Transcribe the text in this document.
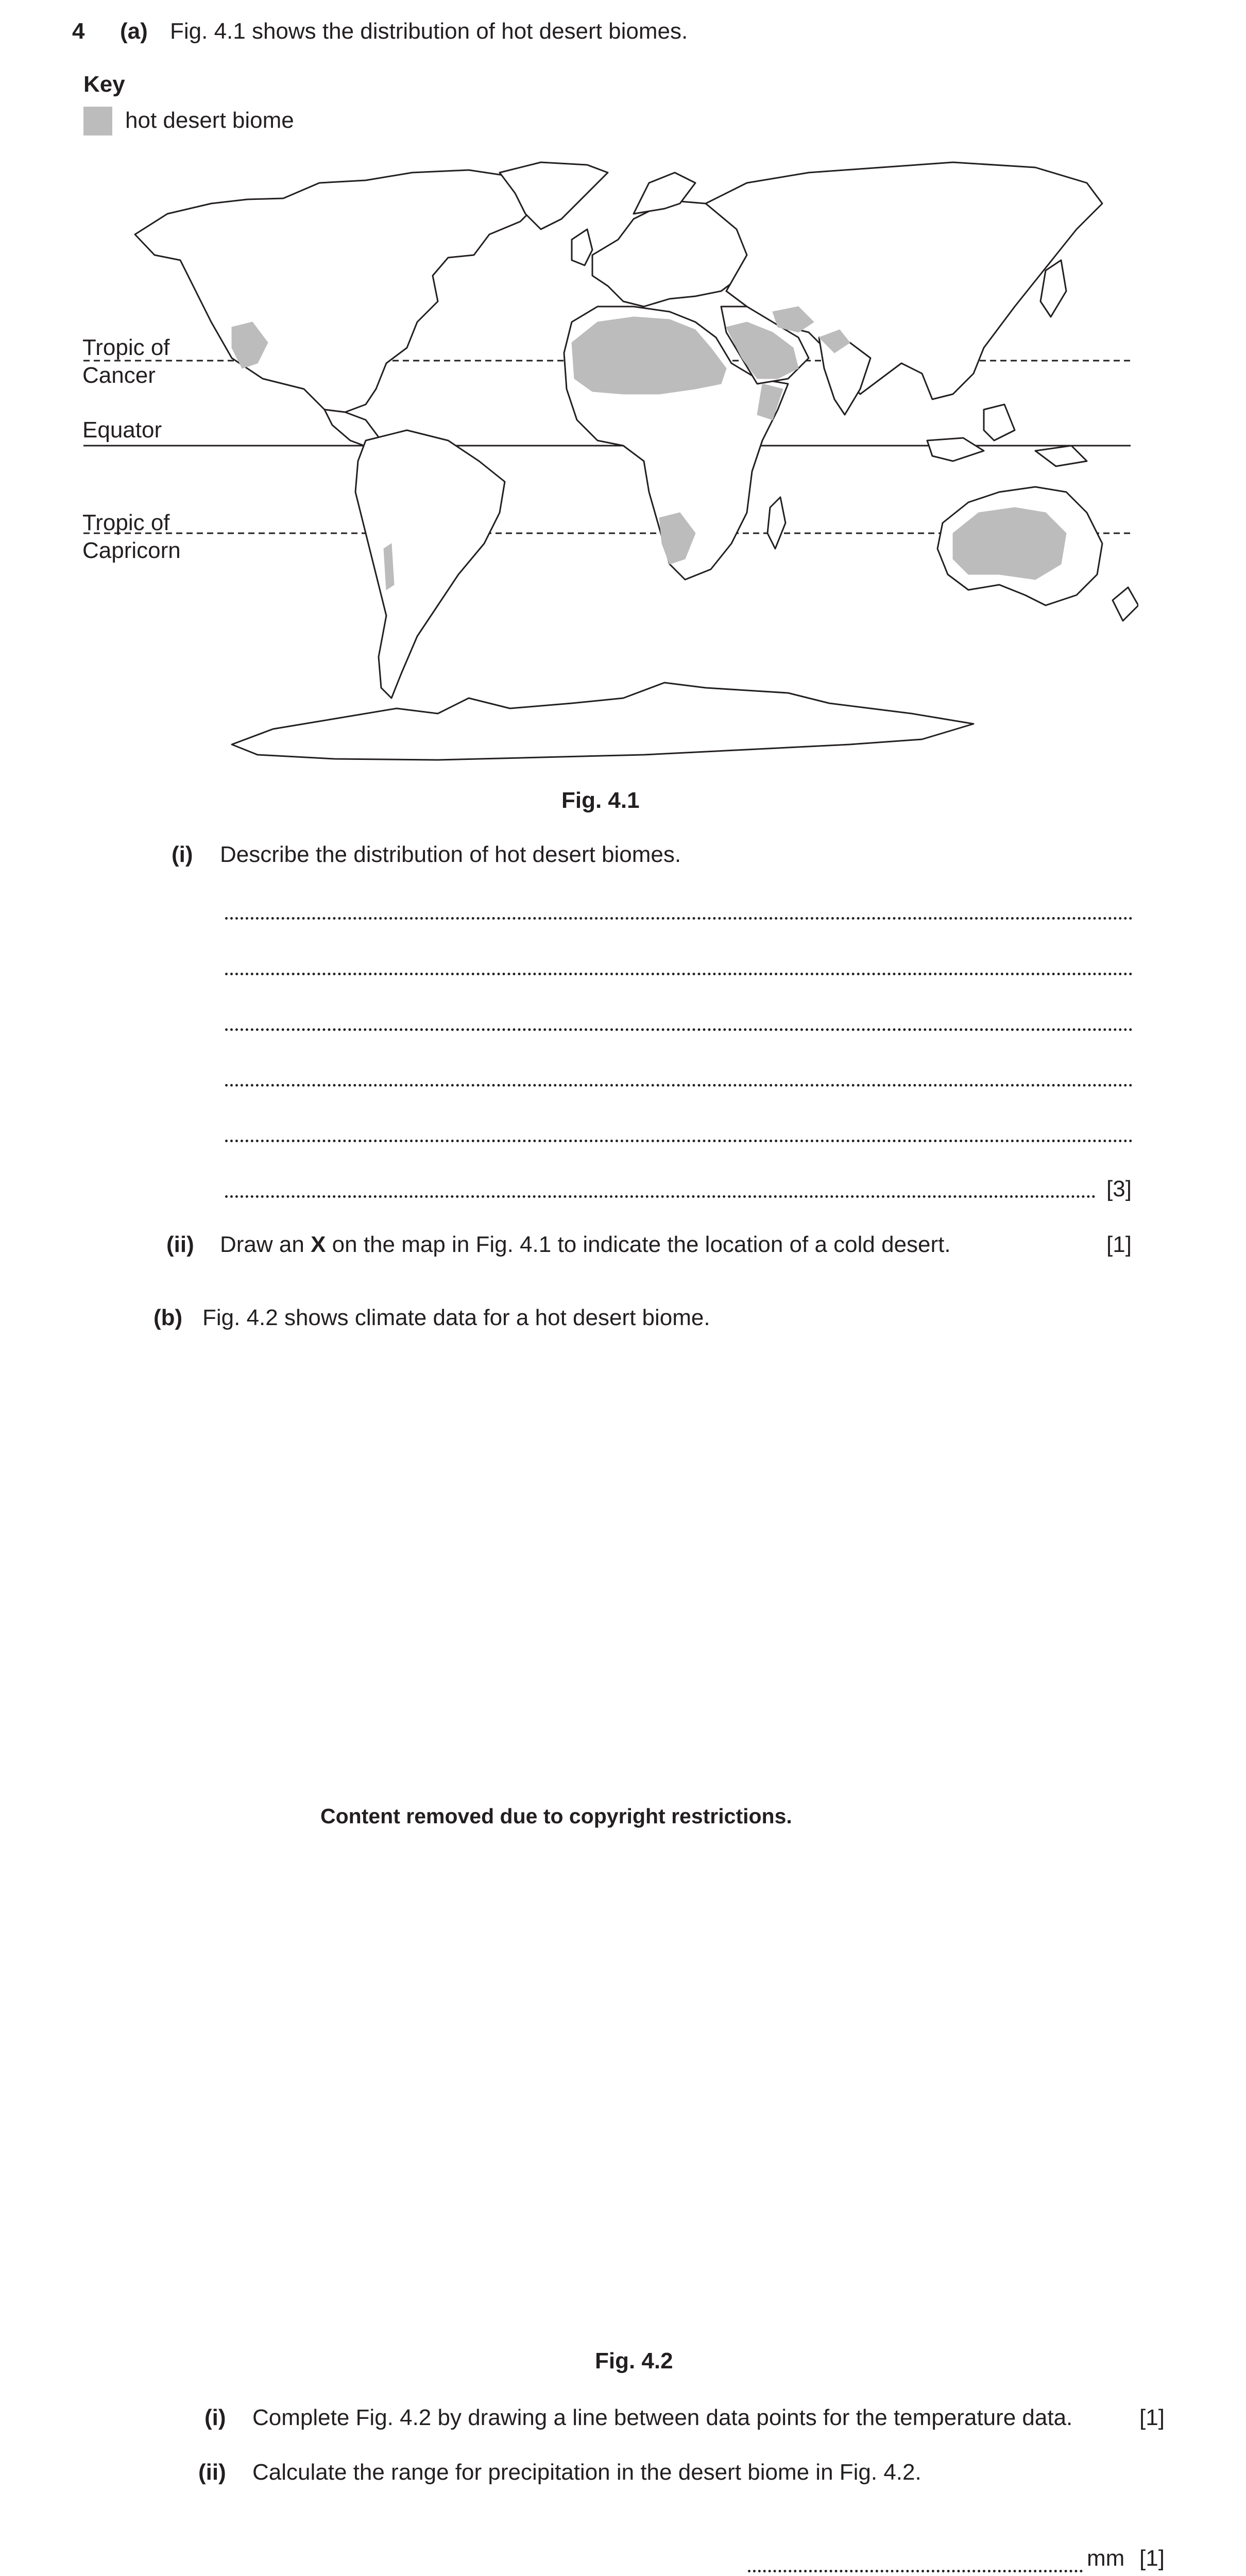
4 (a) Fig. 4.1 shows the distribution of hot desert biomes.
Key
hot desert biome
Tropic of
Cancer
Equator
Tropic of
Capricorn
Fig. 4.1
(i) Describe the distribution of hot desert biomes.
[3]
(ii) Draw an X on the map in Fig. 4.1 to indicate the location of a cold desert.	[1]
(b) Fig. 4.2 shows climate data for a hot desert biome.
Content removed due to copyright restrictions.
Fig. 4.2
(i) Complete Fig. 4.2 by drawing a line between data points for the temperature data.	[1]
(ii) Calculate the range for precipitation in the desert biome in Fig. 4.2.
mm [1]
